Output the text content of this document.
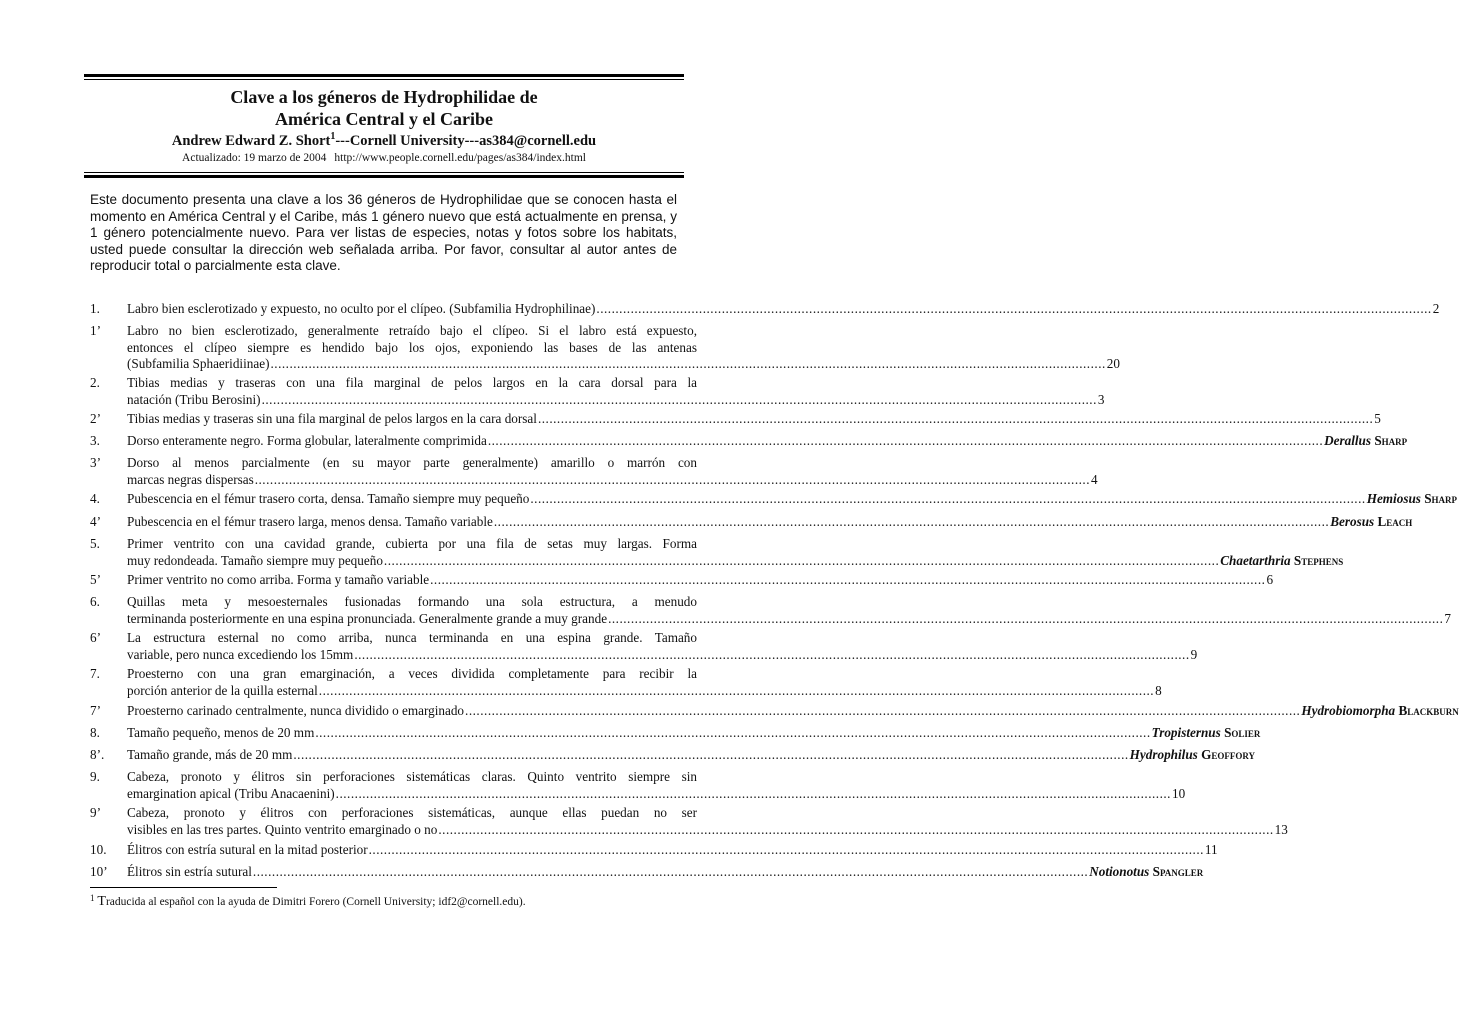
Clave a los géneros de Hydrophilidae de
América Central y el Caribe
Andrew Edward Z. Short$^1$---Cornell University---as384@cornell.edu
Actualizado: 19 marzo de 2004 http://www.people.cornell.edu/pages/as384/index.html
Este documento presenta una clave a los 36 géneros de Hydrophilidae que se conocen hasta el momento en América Central y el Caribe, más 1 género nuevo que está actualmente en prensa, y 1 género potencialmente nuevo. Para ver listas de especies, notas y fotos sobre los habitats, usted puede consultar la dirección web señalada arriba. Por favor, consultar al autor antes de reproducir total o parcialmente esta clave.
1.	Labro bien esclerotizado y expuesto, no oculto por el clípeo. (Subfamilia Hydrophilinae) ............................................................................................................................................................................................................................ 2
1’	Labro no bien esclerotizado, generalmente retraído bajo el clípeo. Si el labro está expuesto,
entonces el clípeo siempre es hendido bajo los ojos, exponiendo las bases de las antenas
(Subfamilia Sphaeridiinae) ............................................................................................................................................................................................................................ 20
2.	Tibias medias y traseras con una fila marginal de pelos largos en la cara dorsal para la
natación (Tribu Berosini) ............................................................................................................................................................................................................................ 3
2’	Tibias medias y traseras sin una fila marginal de pelos largos en la cara dorsal ............................................................................................................................................................................................................................ 5
3.	Dorso enteramente negro. Forma globular, lateralmente comprimida ............................................................................................................................................................................................................................ Derallus Sharp
3’	Dorso al menos parcialmente (en su mayor parte generalmente) amarillo o marrón con
marcas negras dispersas ............................................................................................................................................................................................................................ 4
4.	Pubescencia en el fémur trasero corta, densa. Tamaño siempre muy pequeño ............................................................................................................................................................................................................................ Hemiosus Sharp
4’	Pubescencia en el fémur trasero larga, menos densa. Tamaño variable ............................................................................................................................................................................................................................ Berosus Leach
5.	Primer ventrito con una cavidad grande, cubierta por una fila de setas muy largas. Forma
muy redondeada. Tamaño siempre muy pequeño ............................................................................................................................................................................................................................ Chaetarthria Stephens
5’	Primer ventrito no como arriba. Forma y tamaño variable ............................................................................................................................................................................................................................ 6
6.	Quillas meta y mesoesternales fusionadas formando una sola estructura, a menudo
terminanda posteriormente en una espina pronunciada. Generalmente grande a muy grande ............................................................................................................................................................................................................................ 7
6’	La estructura esternal no como arriba, nunca terminanda en una espina grande. Tamaño
variable, pero nunca excediendo los 15mm ............................................................................................................................................................................................................................ 9
7.	Proesterno con una gran emarginación, a veces dividida completamente para recibir la
porción anterior de la quilla esternal ............................................................................................................................................................................................................................ 8
7’	Proesterno carinado centralmente, nunca dividido o emarginado ............................................................................................................................................................................................................................ Hydrobiomorpha Blackburn
8.	Tamaño pequeño, menos de 20 mm ............................................................................................................................................................................................................................ Tropisternus Solier
8’.	Tamaño grande, más de 20 mm ............................................................................................................................................................................................................................ Hydrophilus Geoffory
9.	Cabeza, pronoto y élitros sin perforaciones sistemáticas claras. Quinto ventrito siempre sin
emargination apical (Tribu Anacaenini) ............................................................................................................................................................................................................................ 10
9’	Cabeza, pronoto y élitros con perforaciones sistemáticas, aunque ellas puedan no ser
visibles en las tres partes. Quinto ventrito emarginado o no ............................................................................................................................................................................................................................ 13
10.	Élitros con estría sutural en la mitad posterior ............................................................................................................................................................................................................................ 11
10’	Élitros sin estría sutural ............................................................................................................................................................................................................................ Notionotus Spangler
$^1$ Traducida al español con la ayuda de Dimitri Forero (Cornell University; idf2@cornell.edu).
